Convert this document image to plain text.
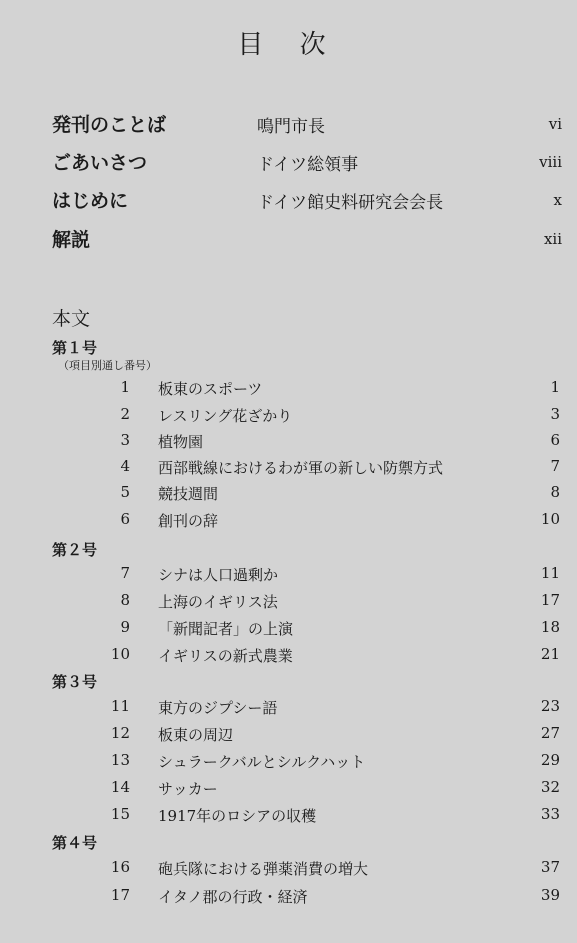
目 次
発刊のことば	鳴門市長	vi
ごあいさつ	ドイツ総領事	viii
はじめに	ドイツ館史料研究会会長	x
解説	xii
本文
第１号
（項目別通し番号）
1 板東のスポーツ	1
2 レスリング花ざかり	3
3 植物園	6
4 西部戦線におけるわが軍の新しい防禦方式	7
5 競技週間	8
6 創刊の辞	10
第２号
7 シナは人口過剰か	11
8 上海のイギリス法	17
9 「新聞記者」の上演	18
10 イギリスの新式農業	21
第３号
11 東方のジプシー語	23
12 板東の周辺	27
13 シュラークバルとシルクハット	29
14 サッカー	32
15 1917年のロシアの収穫	33
第４号
16 砲兵隊における弾薬消費の増大	37
17 イタノ郡の行政・経済	39
